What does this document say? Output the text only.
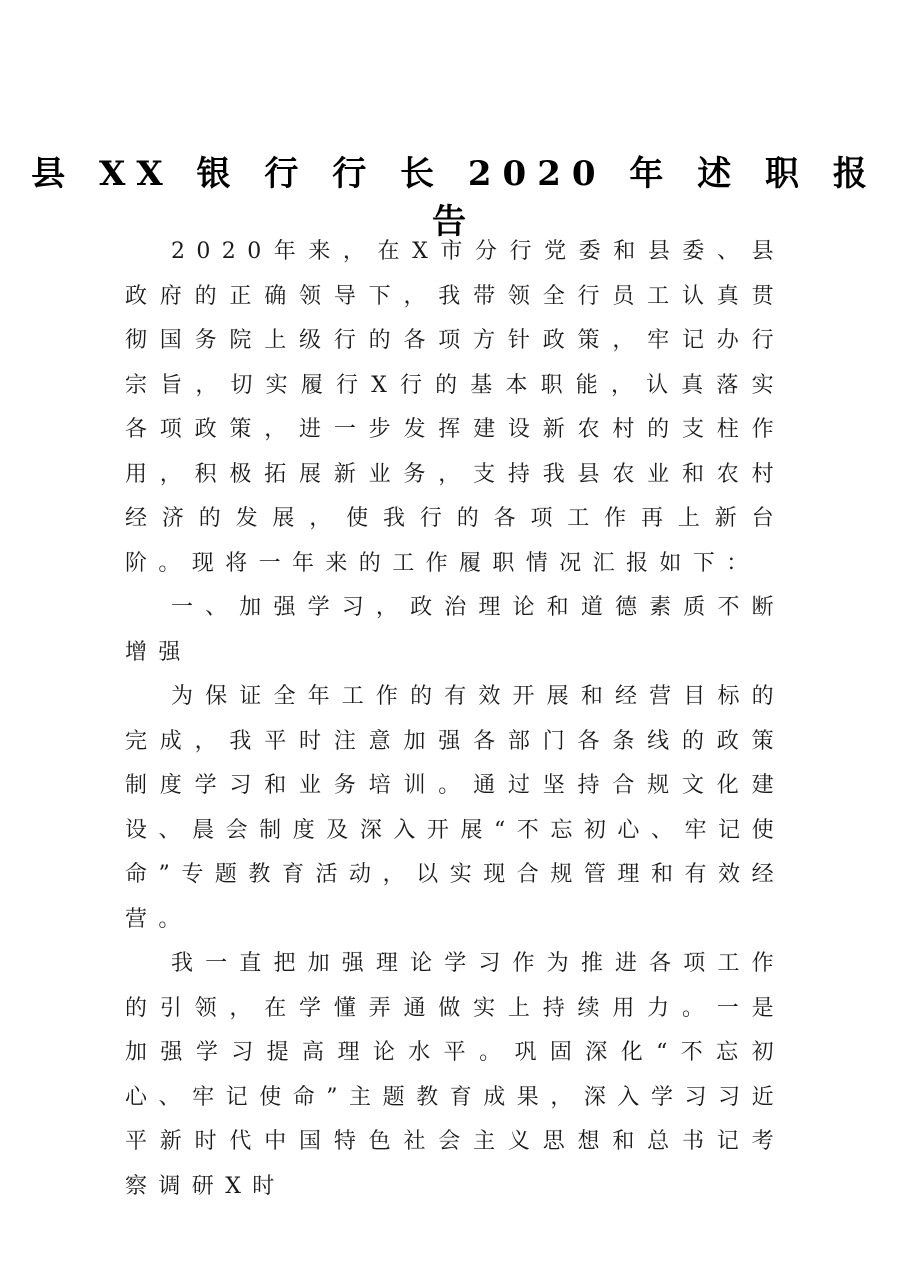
县 XX 银 行 行 长 2020 年 述 职 报 告

2020年来，在X市分行党委和县委、县政府的正确领导下，我带领全行员工认真贯彻国务院上级行的各项方针政策，牢记办行宗旨，切实履行X行的基本职能，认真落实各项政策，进一步发挥建设新农村的支柱作用，积极拓展新业务，支持我县农业和农村经济的发展，使我行的各项工作再上新台阶。现将一年来的工作履职情况汇报如下：

一、加强学习，政治理论和道德素质不断增强

为保证全年工作的有效开展和经营目标的完成，我平时注意加强各部门各条线的政策制度学习和业务培训。通过坚持合规文化建设、晨会制度及深入开展“不忘初心、牢记使命”专题教育活动，以实现合规管理和有效经营。

我一直把加强理论学习作为推进各项工作的引领，在学懂弄通做实上持续用力。一是加强学习提高理论水平。巩固深化“不忘初心、牢记使命”主题教育成果，深入学习习近平新时代中国特色社会主义思想和总书记考察调研X时
